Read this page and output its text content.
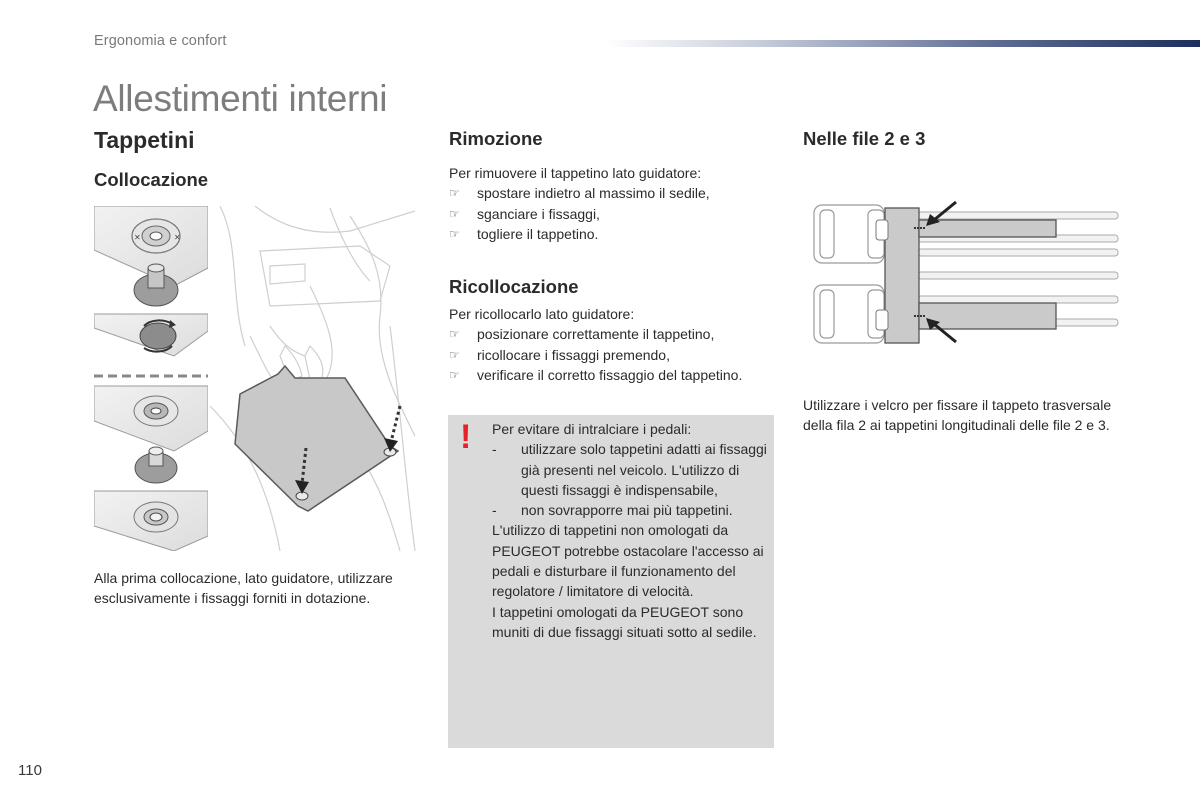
Ergonomia e confort
Allestimenti interni
Tappetini
Collocazione
Rimozione
Ricollocazione
Nelle file 2 e 3
✕	✕
Alla prima collocazione, lato guidatore, utilizzare esclusivamente i fissaggi forniti in dotazione.
Per rimuovere il tappetino lato guidatore:
☞ spostare indietro al massimo il sedile,
☞ sganciare i fissaggi,
☞ togliere il tappetino.
Per ricollocarlo lato guidatore:
☞ posizionare correttamente il tappetino,
☞ ricollocare i fissaggi premendo,
☞ verificare il corretto fissaggio del tappetino.
! Per evitare di intralciare i pedali:
- utilizzare solo tappetini adatti ai fissaggi già presenti nel veicolo. L'utilizzo di questi fissaggi è indispensabile,
- non sovrapporre mai più tappetini.
L'utilizzo di tappetini non omologati da PEUGEOT potrebbe ostacolare l'accesso ai pedali e disturbare il funzionamento del regolatore / limitatore di velocità.
I tappetini omologati da PEUGEOT sono muniti di due fissaggi situati sotto al sedile.
Utilizzare i velcro per fissare il tappeto trasversale della fila 2 ai tappetini longitudinali delle file 2 e 3.
110
